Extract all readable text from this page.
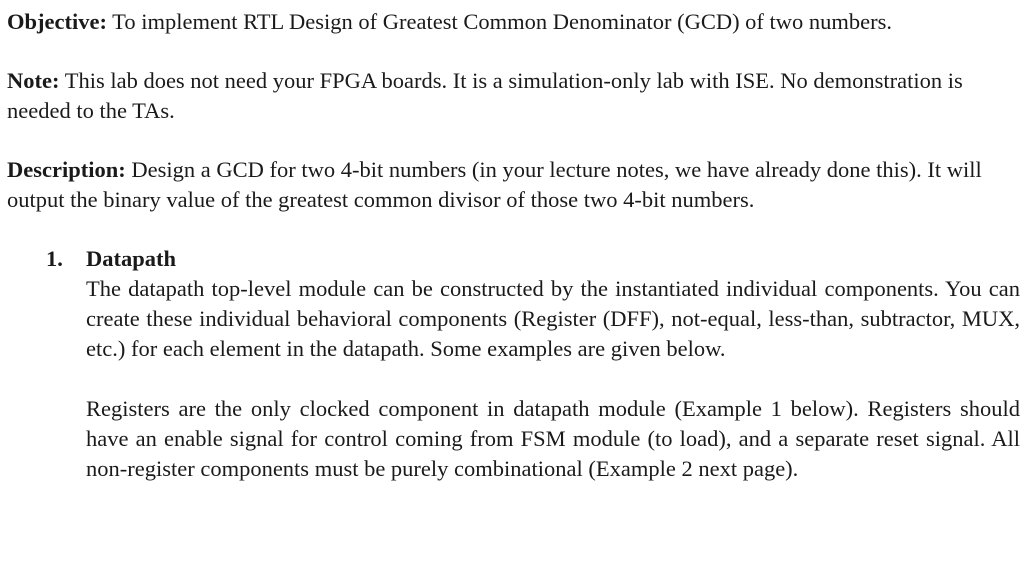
Objective: To implement RTL Design of Greatest Common Denominator (GCD) of two numbers.

Note: This lab does not need your FPGA boards. It is a simulation-only lab with ISE. No demonstration is needed to the TAs.

Description: Design a GCD for two 4-bit numbers (in your lecture notes, we have already done this). It will output the binary value of the greatest common divisor of those two 4-bit numbers.

1. Datapath

The datapath top-level module can be constructed by the instantiated individual components. You can create these individual behavioral components (Register (DFF), not-equal, less-than, subtractor, MUX, etc.) for each element in the datapath. Some examples are given below.

Registers are the only clocked component in datapath module (Example 1 below). Registers should have an enable signal for control coming from FSM module (to load), and a separate reset signal. All non-register components must be purely combinational (Example 2 next page).
